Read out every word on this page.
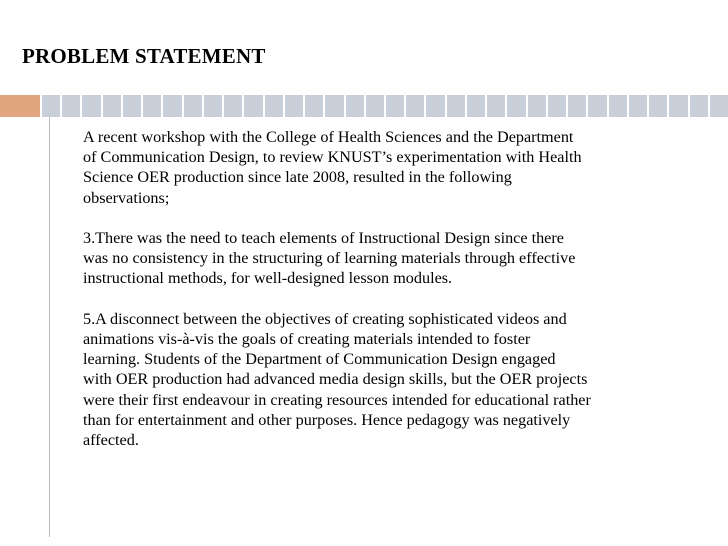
PROBLEM STATEMENT

A recent workshop with the College of Health Sciences and the Department
of Communication Design, to review KNUST’s experimentation with Health
Science OER production since late 2008, resulted in the following
observations;

3.There was the need to teach elements of Instructional Design since there
was no consistency in the structuring of learning materials through effective
instructional methods, for well-designed lesson modules.

5.A disconnect between the objectives of creating sophisticated videos and
animations vis-à-vis the goals of creating materials intended to foster
learning. Students of the Department of Communication Design engaged
with OER production had advanced media design skills, but the OER projects
were their first endeavour in creating resources intended for educational rather
than for entertainment and other purposes. Hence pedagogy was negatively
affected.
